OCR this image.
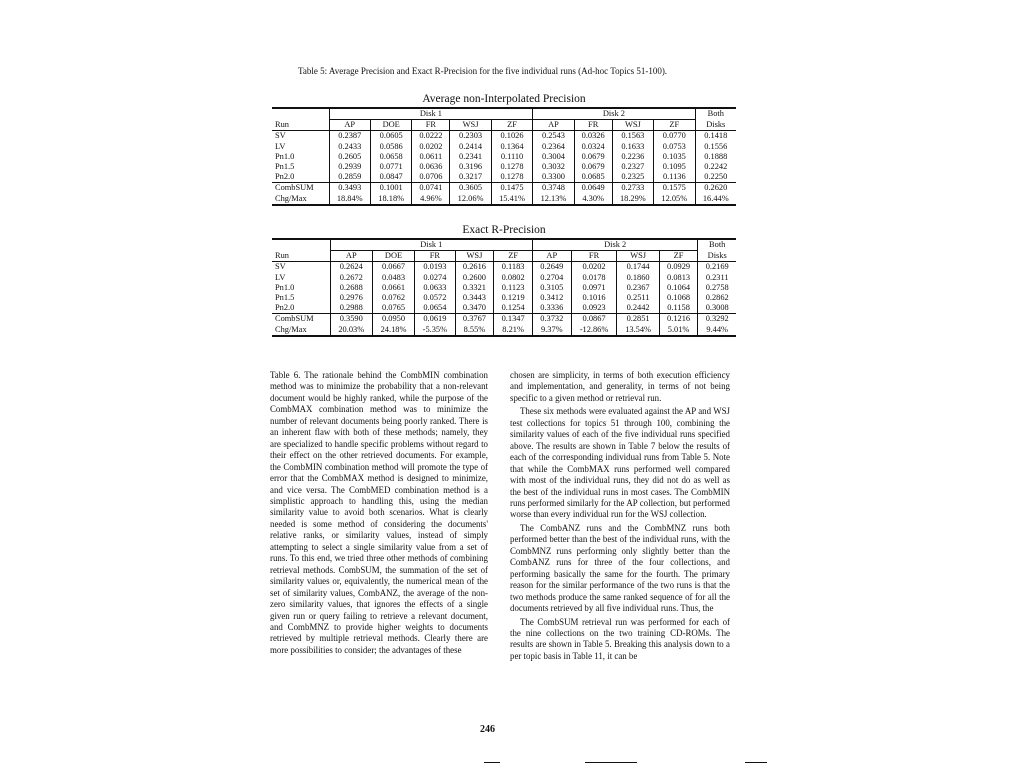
Table 5: Average Precision and Exact R-Precision for the five individual runs (Ad-hoc Topics 51-100).
Average non-Interpolated Precision
	Disk 1					Disk 2				Both
Run	AP	DOE	FR	WSJ	ZF	AP	FR	WSJ	ZF	Disks
SV	0.2387	0.0605	0.0222	0.2303	0.1026	0.2543	0.0326	0.1563	0.0770	0.1418
LV	0.2433	0.0586	0.0202	0.2414	0.1364	0.2364	0.0324	0.1633	0.0753	0.1556
Pn1.0	0.2605	0.0658	0.0611	0.2341	0.1110	0.3004	0.0679	0.2236	0.1035	0.1888
Pn1.5	0.2939	0.0771	0.0636	0.3196	0.1278	0.3032	0.0679	0.2327	0.1095	0.2242
Pn2.0	0.2859	0.0847	0.0706	0.3217	0.1278	0.3300	0.0685	0.2325	0.1136	0.2250
CombSUM	0.3493	0.1001	0.0741	0.3605	0.1475	0.3748	0.0649	0.2733	0.1575	0.2620
Chg/Max	18.84%	18.18%	4.96%	12.06%	15.41%	12.13%	4.30%	18.29%	12.05%	16.44%
Exact R-Precision
	Disk 1					Disk 2				Both
Run	AP	DOE	FR	WSJ	ZF	AP	FR	WSJ	ZF	Disks
SV	0.2624	0.0667	0.0193	0.2616	0.1183	0.2649	0.0202	0.1744	0.0929	0.2169
LV	0.2672	0.0483	0.0274	0.2600	0.0802	0.2704	0.0178	0.1860	0.0813	0.2311
Pn1.0	0.2688	0.0661	0.0633	0.3321	0.1123	0.3105	0.0971	0.2367	0.1064	0.2758
Pn1.5	0.2976	0.0762	0.0572	0.3443	0.1219	0.3412	0.1016	0.2511	0.1068	0.2862
Pn2.0	0.2988	0.0765	0.0654	0.3470	0.1254	0.3336	0.0923	0.2442	0.1158	0.3008
CombSUM	0.3590	0.0950	0.0619	0.3767	0.1347	0.3732	0.0867	0.2851	0.1216	0.3292
Chg/Max	20.03%	24.18%	-5.35%	8.55%	8.21%	9.37%	-12.86%	13.54%	5.01%	9.44%

Table 6. The rationale behind the CombMIN combination method was to minimize the probability that a non-relevant document would be highly ranked, while the purpose of the CombMAX combination method was to minimize the number of relevant documents being poorly ranked. There is an inherent flaw with both of these methods; namely, they are specialized to handle specific problems without regard to their effect on the other retrieved documents. For example, the CombMIN combination method will promote the type of error that the CombMAX method is designed to minimize, and vice versa. The CombMED combination method is a simplistic approach to handling this, using the median similarity value to avoid both scenarios. What is clearly needed is some method of considering the documents' relative ranks, or similarity values, instead of simply attempting to select a single similarity value from a set of runs. To this end, we tried three other methods of combining retrieval methods. CombSUM, the summation of the set of similarity values or, equivalently, the numerical mean of the set of similarity values, CombANZ, the average of the non-zero similarity values, that ignores the effects of a single given run or query failing to retrieve a relevant document, and CombMNZ to provide higher weights to documents retrieved by multiple retrieval methods. Clearly there are more possibilities to consider; the advantages of these

chosen are simplicity, in terms of both execution efficiency and implementation, and generality, in terms of not being specific to a given method or retrieval run.

These six methods were evaluated against the AP and WSJ test collections for topics 51 through 100, combining the similarity values of each of the five individual runs specified above. The results are shown in Table 7 below the results of each of the corresponding individual runs from Table 5. Note that while the CombMAX runs performed well compared with most of the individual runs, they did not do as well as the best of the individual runs in most cases. The CombMIN runs performed similarly for the AP collection, but performed worse than every individual run for the WSJ collection.

The CombANZ runs and the CombMNZ runs both performed better than the best of the individual runs, with the CombMNZ runs performing only slightly better than the CombANZ runs for three of the four collections, and performing basically the same for the fourth. The primary reason for the similar performance of the two runs is that the two methods produce the same ranked sequence of for all the documents retrieved by all five individual runs. Thus, the

The CombSUM retrieval run was performed for each of the nine collections on the two training CD-ROMs. The results are shown in Table 5. Breaking this analysis down to a per topic basis in Table 11, it can be

246
